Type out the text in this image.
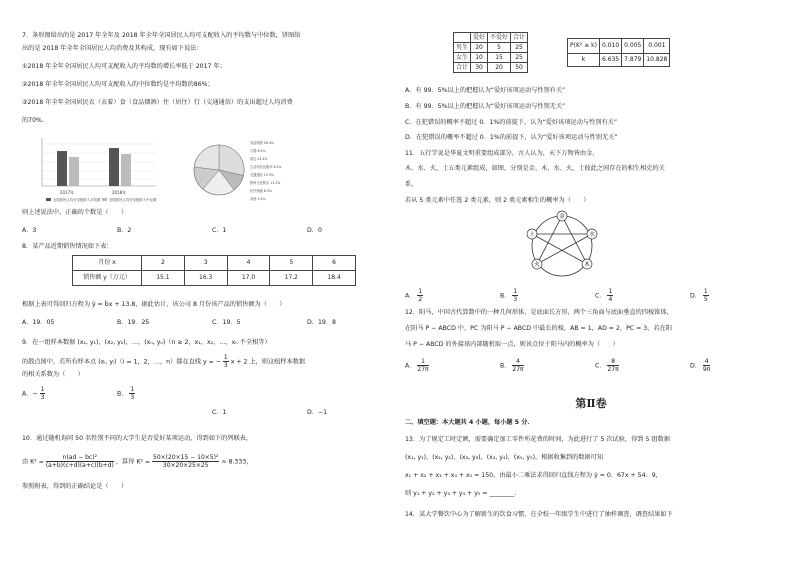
7．条形图给出的是 2017 年全年及 2018 年全年全国居民人均可支配收入的平均数与中位数，饼图给
出的是 2018 年全年全国居民人均消费及其构成，现有如下说法：
①2018 年全年全国居民人均可支配收入的平均数的增长率低于 2017 年；
②2018 年全年全国居民人均可支配收入的中位数约是平均数的86%；
③2018 年全年全国居民衣（衣着）食（食品烟酒）住（居住）行（交通通信）的支出超过人均消费
的70%.
2017年	2018年
全国居民人均可支配收入平均数	全国居民人均可支配收入中位数
食品烟酒 28.4%
衣着 6.5%
居住 23.4%
生活用品及服务 6.2%
交通通信 13.5%
教育文化娱乐 11.2%
医疗保健 8.5%
其他 2.4%
则上述说法中，正确的个数是（　　）
A．3	B．2	C．1	D．0
8．某产品近期销售情况如下表：
月份 x	2	3	4	5	6
销售额 y（万元）	15.1	16.3	17.0	17.2	18.4
根据上表可得回归方程为 ŷ = b̂x + 13.8，据此估计，该公司 8 月份该产品的销售额为（　　）
A．19．05	B．19．25	C．19．5	D．19．8
9．在一组样本数据 (x₁, y₁)，(x₂, y₂)，…，(xₙ, yₙ)（n ≥ 2，x₁，x₂，…，xₙ 不全相等）
的散点图中，若所有样本点 (xᵢ, yᵢ)（i = 1，2，…，n）都在直线 y = − $\frac{1}{3}$ x + 2 上，则这组样本数据
的相关系数为（　　）
A．− $\frac{1}{3}$	B． $\frac{1}{3}$
C．1	D．−1
10．通过随机询问 50 名性别不同的大学生是否爱好某项运动，得到如下的列联表，
由 $K^2 = \frac{\text{n(ad − bc)²}}{(a+b)(c+d)(a+c)(b+d)}$ ，算得 $K^2 = \frac{\text{50×(20×15 − 10×5)²}}{30\times 20\times 25\times 25} \approx 8.333$，
参照附表，得到的正确结论是（　　）
	爱好	不爱好	合计
男生	20	5	25
女生	10	15	25
合计	30	20	50
P(K² ≥ k)	0.010	0.005	0.001
k	6.635	7.879	10.828
A．有 99．5%以上的把握认为“爱好该项运动与性别有关”
B．有 99．5%以上的把握认为“爱好该项运动与性别无关”
C．在犯错误的概率不超过 0．1%的前提下，认为“爱好该项运动与性别有关”
D．在犯错误的概率不超过 0．1%的前提下，认为“爱好该项运动与性别无关”
11．五行学说是华夏文明重要组成部分，古人认为，天下万物皆由金、
木、水、火、土五类元素组成，如图，分别是金、木、水、火、土彼此之间存在的相生相克的关
系，
若从 5 类元素中任选 2 类元素，则 2 类元素相生的概率为（　　）
金
水
木
火
土
A． $\frac{1}{2}$	B． $\frac{1}{3}$	C． $\frac{1}{4}$	D． $\frac{1}{5}$
12．阳马，中国古代算数中的一种几何形体，是底面长方形，两个三角面与底面垂直的四棱锥体，
在阳马 P − ABCD 中，PC 为阳马 P − ABCD 中最长的棱，AB = 1，AD = 2，PC = 3，若在阳
马 P − ABCD 的外接球内部随机取一点，则该点位于阳马内的概率为（　　）
A． $\frac{1}{27\pi}$	B． $\frac{4}{27\pi}$	C． $\frac{8}{27\pi}$	D． $\frac{4}{9\pi}$
第Ⅱ卷
二、填空题：本大题共 4 小题，每小题 5 分．
13．为了规定工时定额，需要确定加工零件所花费的时间，为此进行了 5 次试验，得到 5 组数据
(x₁, y₁)，(x₂, y₂)，(x₃, y₃)，(x₄, y₄)，(x₅, y₅)，根据收集到的数据可知
x₁ + x₂ + x₃ + x₄ + x₅ = 150，由最小二乘法求得回归直线方程为 ŷ = 0．67x + 54．9，
则 y₁ + y₂ + y₃ + y₄ + y₅ = ________.
14．某大学餐饮中心为了解新生的饮食习惯，在全校一年级学生中进行了抽样调查，调查结果如下
